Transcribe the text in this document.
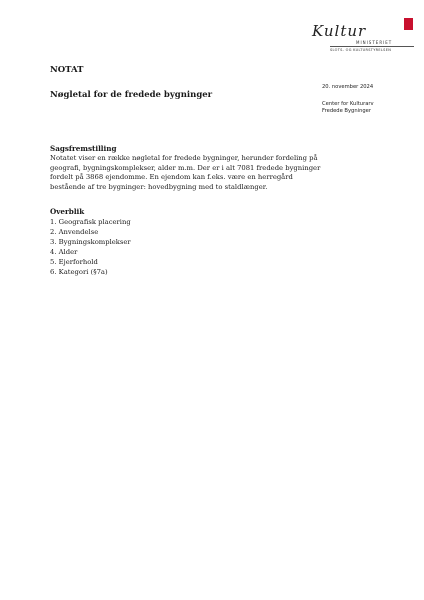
Kultur
MINISTERIET
SLOTS- OG KULTURSTYRELSEN
NOTAT
Nøgletal for de fredede bygninger
20. november 2024
Center for Kulturarv
Fredede Bygninger
Sagsfremstilling
Notatet viser en række nøgletal for fredede bygninger, herunder fordeling på
geografi, bygningskomplekser, alder m.m. Der er i alt 7081 fredede bygninger
fordelt på 3868 ejendomme. En ejendom kan f.eks. være en herregård
bestående af tre bygninger: hovedbygning med to staldlænger.
Overblik
1. Geografisk placering
2. Anvendelse
3. Bygningskomplekser
4. Alder
5. Ejerforhold
6. Kategori (§7a)
